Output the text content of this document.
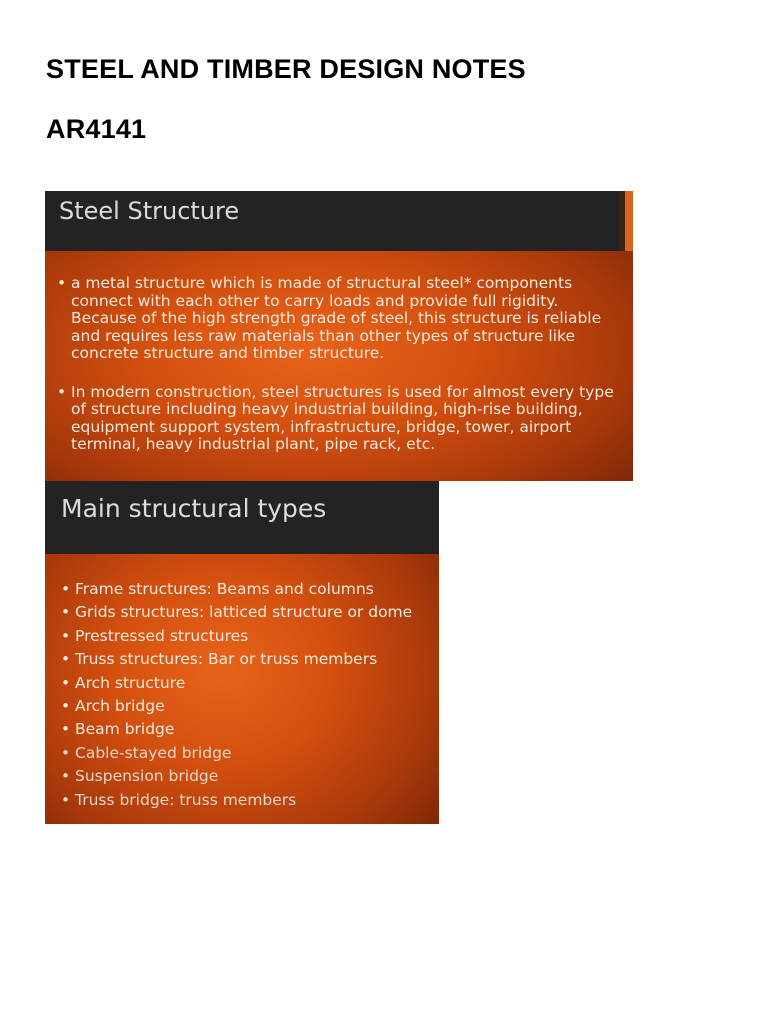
STEEL AND TIMBER DESIGN NOTES
AR4141
Steel Structure
• a metal structure which is made of structural steel* components connect with each other to carry loads and provide full rigidity. Because of the high strength grade of steel, this structure is reliable and requires less raw materials than other types of structure like concrete structure and timber structure.
• In modern construction, steel structures is used for almost every type of structure including heavy industrial building, high-rise building, equipment support system, infrastructure, bridge, tower, airport terminal, heavy industrial plant, pipe rack, etc.
Main structural types
• Frame structures: Beams and columns
• Grids structures: latticed structure or dome
• Prestressed structures
• Truss structures: Bar or truss members
• Arch structure
• Arch bridge
• Beam bridge
• Cable-stayed bridge
• Suspension bridge
• Truss bridge: truss members
